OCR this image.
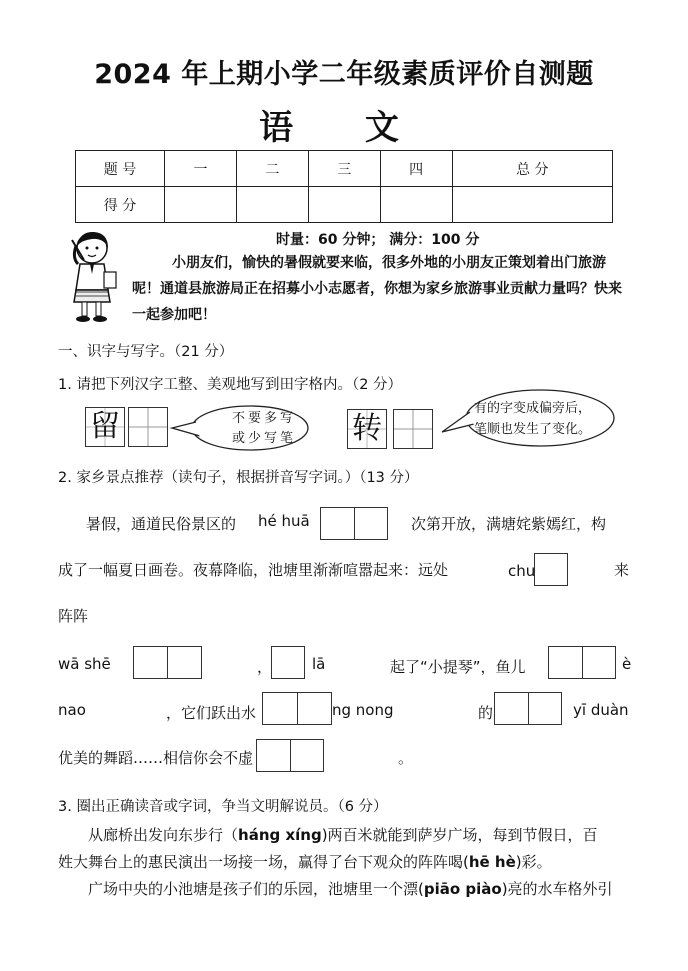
2024 年上期小学二年级素质评价自测题
语 文
题 号	一	二	三	四	总 分
得 分					
时量：60 分钟； 满分：100 分
小朋友们，愉快的暑假就要来临，很多外地的小朋友正策划着出门旅游呢！通道县旅游局正在招募小小志愿者，你想为家乡旅游事业贡献力量吗？快来一起参加吧！
一、识字与写字。（21 分）
1. 请把下列汉字工整、美观地写到田字格内。（2 分）
留	不要多写
或少写笔 转
有的字变成偏旁后，
笔顺也发生了变化。
2. 家乡景点推荐（读句子，根据拼音写字词。）（13 分）
暑假，通道民俗景区的 hé huā	次第开放，满塘姹紫嫣红，构
成了一幅夏日画卷。夜幕降临，池塘里渐渐喧嚣起来：远处	chu	来
阵阵
wā shē	，	lā	起了“小提琴”，鱼儿	è
nao	，它们跃出水	ng nong	的	yī duàn
优美的舞蹈……相信你会不虚	。
3. 圈出正确读音或字词，争当文明解说员。（6 分）
从廊桥出发向东步行（háng xíng)两百米就能到萨岁广场，每到节假日，百
姓大舞台上的惠民演出一场接一场，赢得了台下观众的阵阵喝(hē hè)彩。
广场中央的小池塘是孩子们的乐园，池塘里一个漂(piāo piào)亮的水车格外引
